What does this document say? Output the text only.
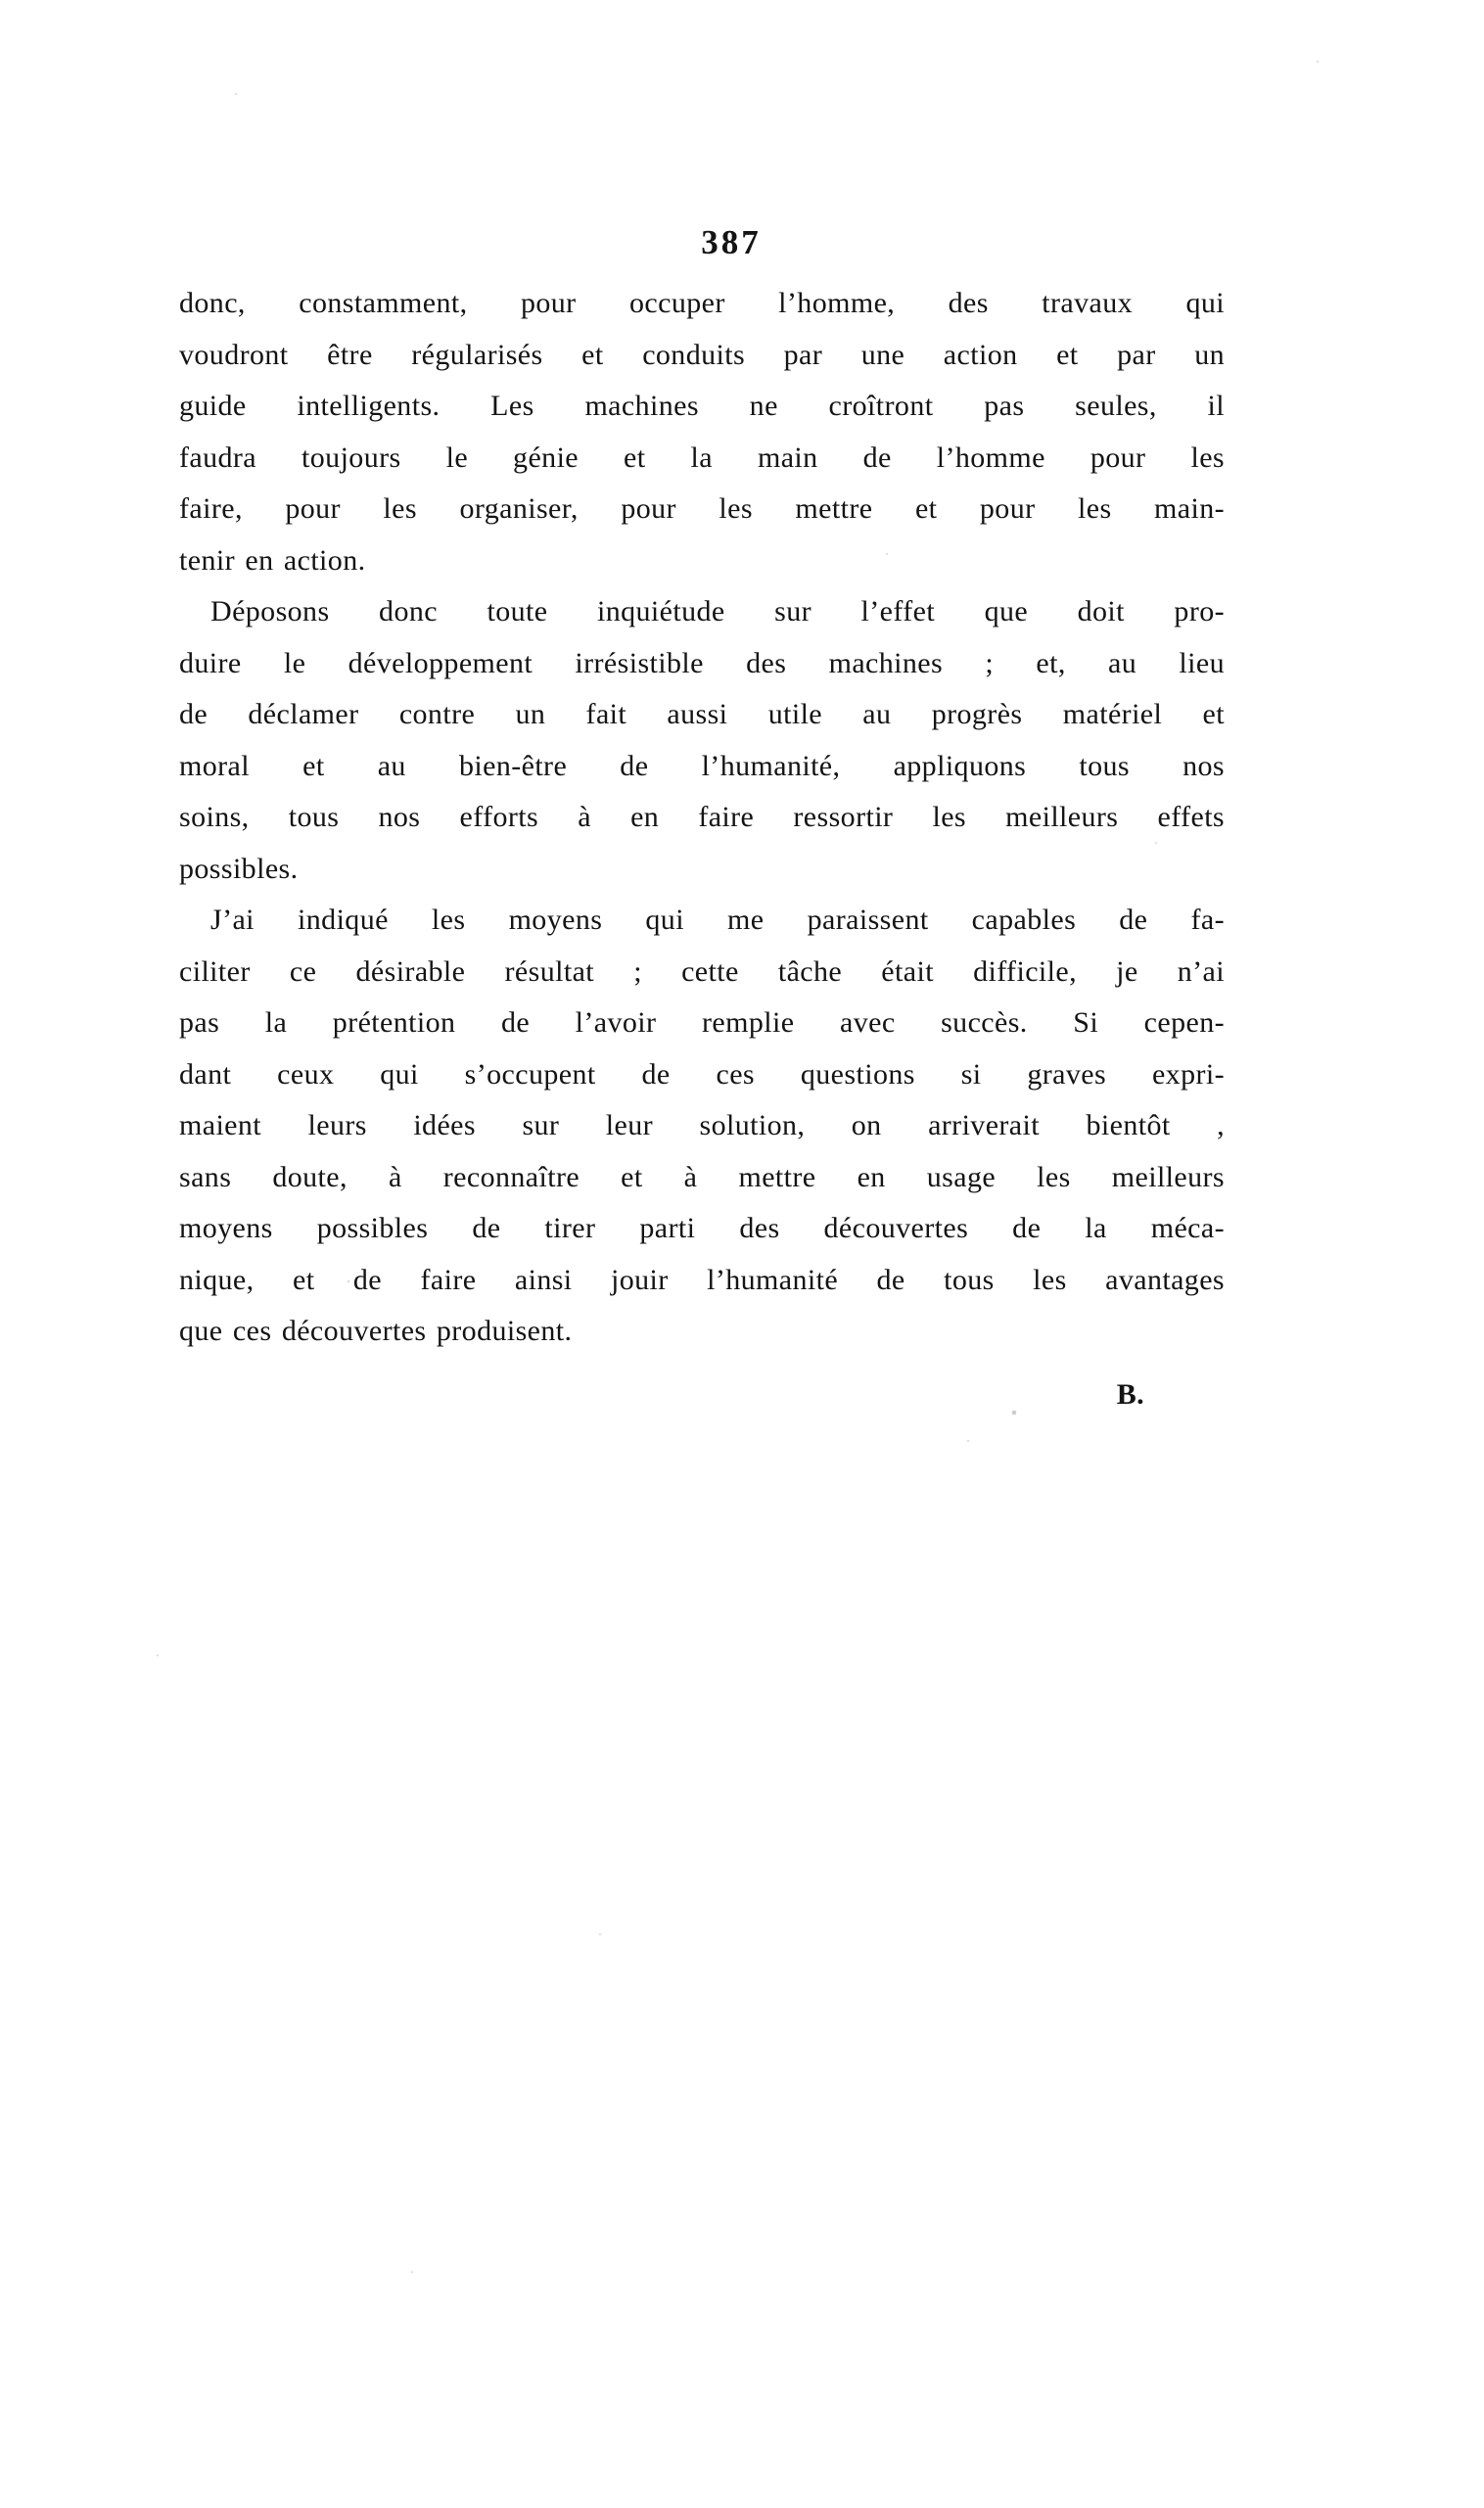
387
donc, constamment, pour occuper l’homme, des travaux qui
voudront être régularisés et conduits par une action et par un
guide intelligents. Les machines ne croîtront pas seules, il
faudra toujours le génie et la main de l’homme pour les
faire, pour les organiser, pour les mettre et pour les main-
tenir en action.
Déposons donc toute inquiétude sur l’effet que doit pro-
duire le développement irrésistible des machines ; et, au lieu
de déclamer contre un fait aussi utile au progrès matériel et
moral et au bien-être de l’humanité, appliquons tous nos
soins, tous nos efforts à en faire ressortir les meilleurs effets
possibles.
J’ai indiqué les moyens qui me paraissent capables de fa-
ciliter ce désirable résultat ; cette tâche était difficile, je n’ai
pas la prétention de l’avoir remplie avec succès. Si cepen-
dant ceux qui s’occupent de ces questions si graves expri-
maient leurs idées sur leur solution, on arriverait bientôt ,
sans doute, à reconnaître et à mettre en usage les meilleurs
moyens possibles de tirer parti des découvertes de la méca-
nique, et de faire ainsi jouir l’humanité de tous les avantages
que ces découvertes produisent.
B.
